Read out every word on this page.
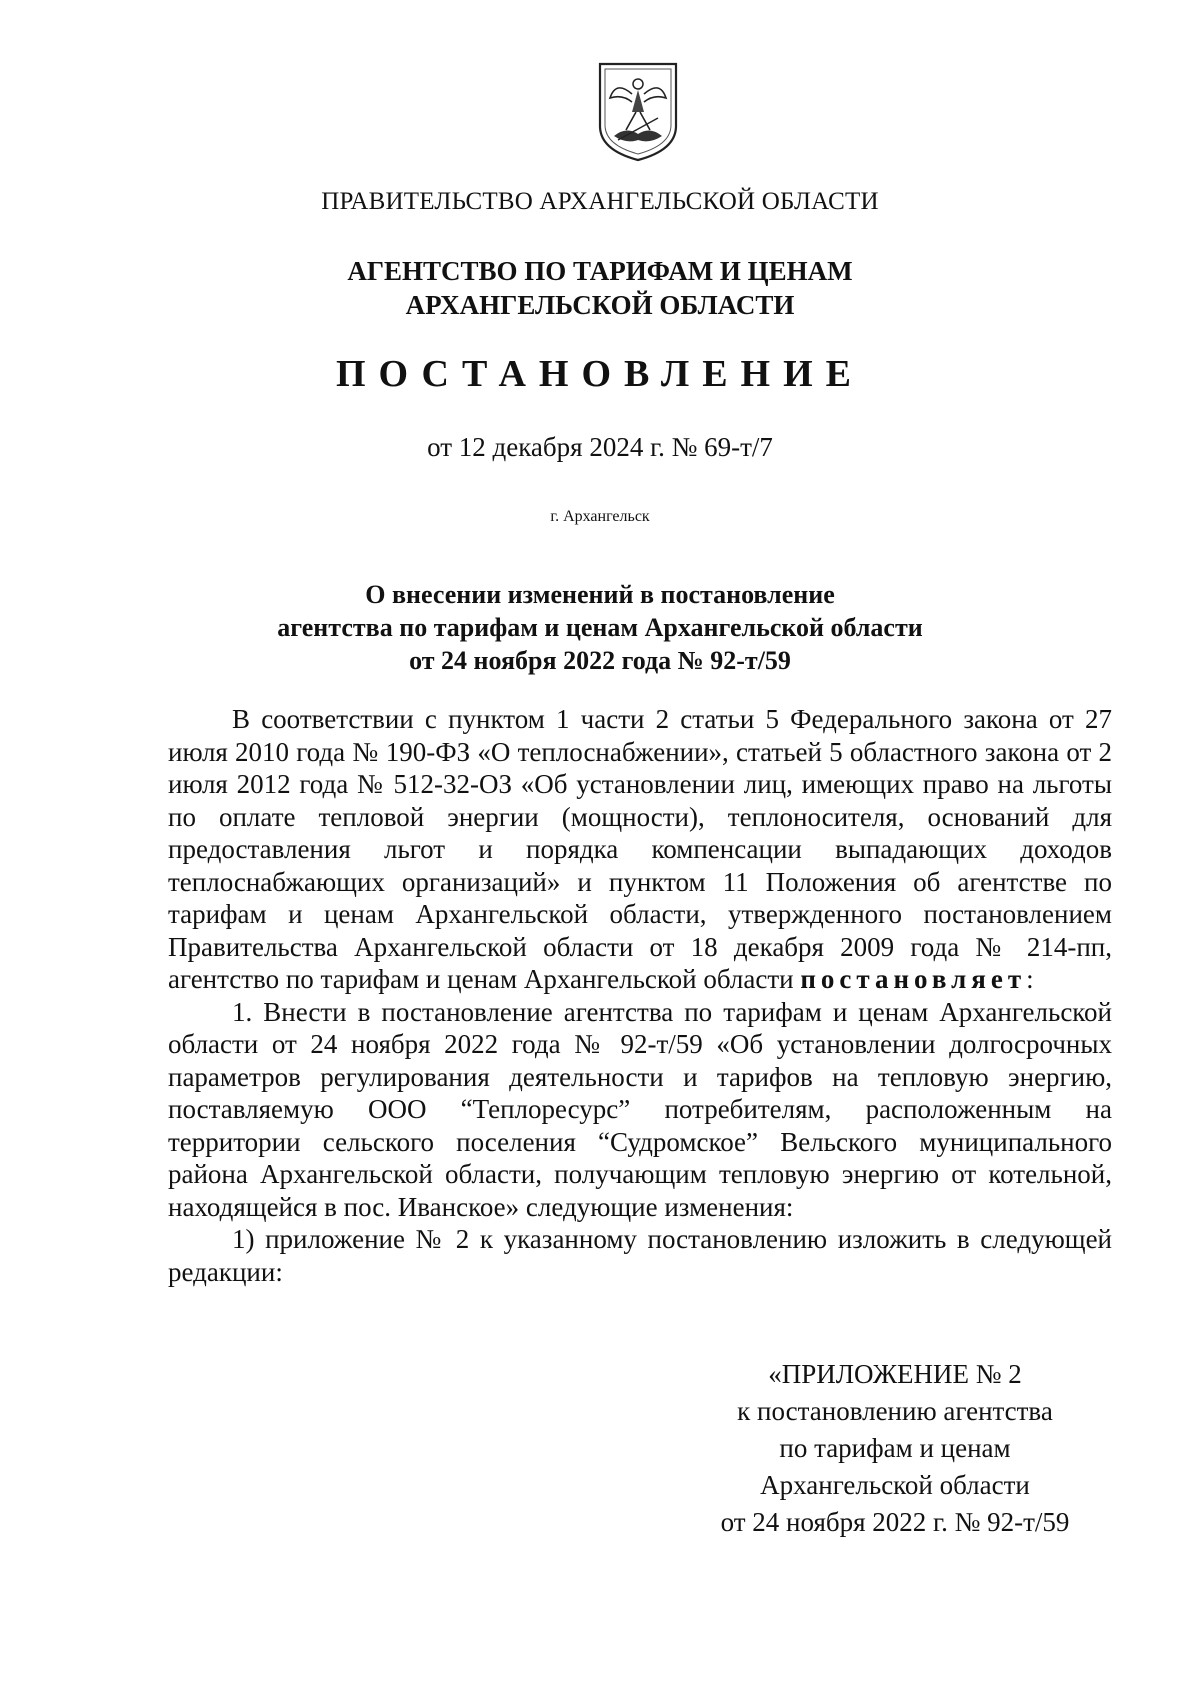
ПРАВИТЕЛЬСТВО АРХАНГЕЛЬСКОЙ ОБЛАСТИ
АГЕНТСТВО ПО ТАРИФАМ И ЦЕНАМ
АРХАНГЕЛЬСКОЙ ОБЛАСТИ
ПОСТАНОВЛЕНИЕ
от 12 декабря 2024 г. № 69-т/7
г. Архангельск
О внесении изменений в постановление
агентства по тарифам и ценам Архангельской области
от 24 ноября 2022 года № 92-т/59

В соответствии с пунктом 1 части 2 статьи 5 Федерального закона от 27 июля 2010 года № 190-ФЗ «О теплоснабжении», статьей 5 областного закона от 2 июля 2012 года № 512-32-ОЗ «Об установлении лиц, имеющих право на льготы по оплате тепловой энергии (мощности), теплоносителя, оснований для предоставления льгот и порядка компенсации выпадающих доходов теплоснабжающих организаций» и пунктом 11 Положения об агентстве по тарифам и ценам Архангельской области, утвержденного постановлением Правительства Архангельской области от 18 декабря 2009 года № 214-пп, агентство по тарифам и ценам Архангельской области постановляет:

1. Внести в постановление агентства по тарифам и ценам Архангельской области от 24 ноября 2022 года № 92-т/59 «Об установлении долгосрочных параметров регулирования деятельности и тарифов на тепловую энергию, поставляемую ООО “Теплоресурс” потребителям, расположенным на территории сельского поселения “Судромское” Вельского муниципального района Архангельской области, получающим тепловую энергию от котельной, находящейся в пос. Иванское» следующие изменения:

1) приложение № 2 к указанному постановлению изложить в следующей редакции:

«ПРИЛОЖЕНИЕ № 2
к постановлению агентства
по тарифам и ценам
Архангельской области
от 24 ноября 2022 г. № 92-т/59
